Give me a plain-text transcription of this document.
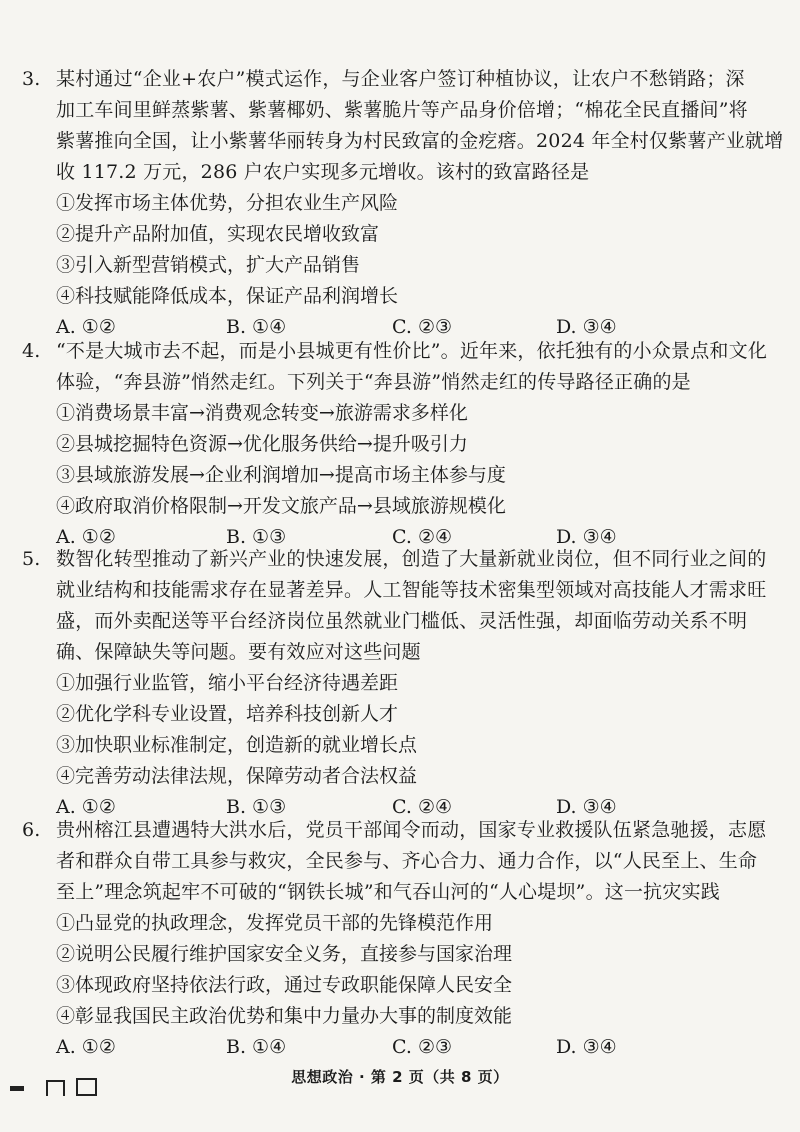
3. 某村通过“企业+农户”模式运作，与企业客户签订种植协议，让农户不愁销路；深
加工车间里鲜蒸紫薯、紫薯椰奶、紫薯脆片等产品身价倍增；“棉花全民直播间”将
紫薯推向全国，让小紫薯华丽转身为村民致富的金疙瘩。2024 年全村仅紫薯产业就增
收 117.2 万元，286 户农户实现多元增收。该村的致富路径是
①发挥市场主体优势，分担农业生产风险
②提升产品附加值，实现农民增收致富
③引入新型营销模式，扩大产品销售
④科技赋能降低成本，保证产品利润增长
A. ①②	B. ①④	C. ②③	D. ③④
4. “不是大城市去不起，而是小县城更有性价比”。近年来，依托独有的小众景点和文化
体验，“奔县游”悄然走红。下列关于“奔县游”悄然走红的传导路径正确的是
①消费场景丰富→消费观念转变→旅游需求多样化
②县城挖掘特色资源→优化服务供给→提升吸引力
③县域旅游发展→企业利润增加→提高市场主体参与度
④政府取消价格限制→开发文旅产品→县域旅游规模化
A. ①②	B. ①③	C. ②④	D. ③④
5. 数智化转型推动了新兴产业的快速发展，创造了大量新就业岗位，但不同行业之间的
就业结构和技能需求存在显著差异。人工智能等技术密集型领域对高技能人才需求旺
盛，而外卖配送等平台经济岗位虽然就业门槛低、灵活性强，却面临劳动关系不明
确、保障缺失等问题。要有效应对这些问题
①加强行业监管，缩小平台经济待遇差距
②优化学科专业设置，培养科技创新人才
③加快职业标准制定，创造新的就业增长点
④完善劳动法律法规，保障劳动者合法权益
A. ①②	B. ①③	C. ②④	D. ③④
6. 贵州榕江县遭遇特大洪水后，党员干部闻令而动，国家专业救援队伍紧急驰援，志愿
者和群众自带工具参与救灾，全民参与、齐心合力、通力合作，以“人民至上、生命
至上”理念筑起牢不可破的“钢铁长城”和气吞山河的“人心堤坝”。这一抗灾实践
①凸显党的执政理念，发挥党员干部的先锋模范作用
②说明公民履行维护国家安全义务，直接参与国家治理
③体现政府坚持依法行政，通过专政职能保障人民安全
④彰显我国民主政治优势和集中力量办大事的制度效能
A. ①②	B. ①④	C. ②③	D. ③④
思想政治 · 第 2 页（共 8 页）
